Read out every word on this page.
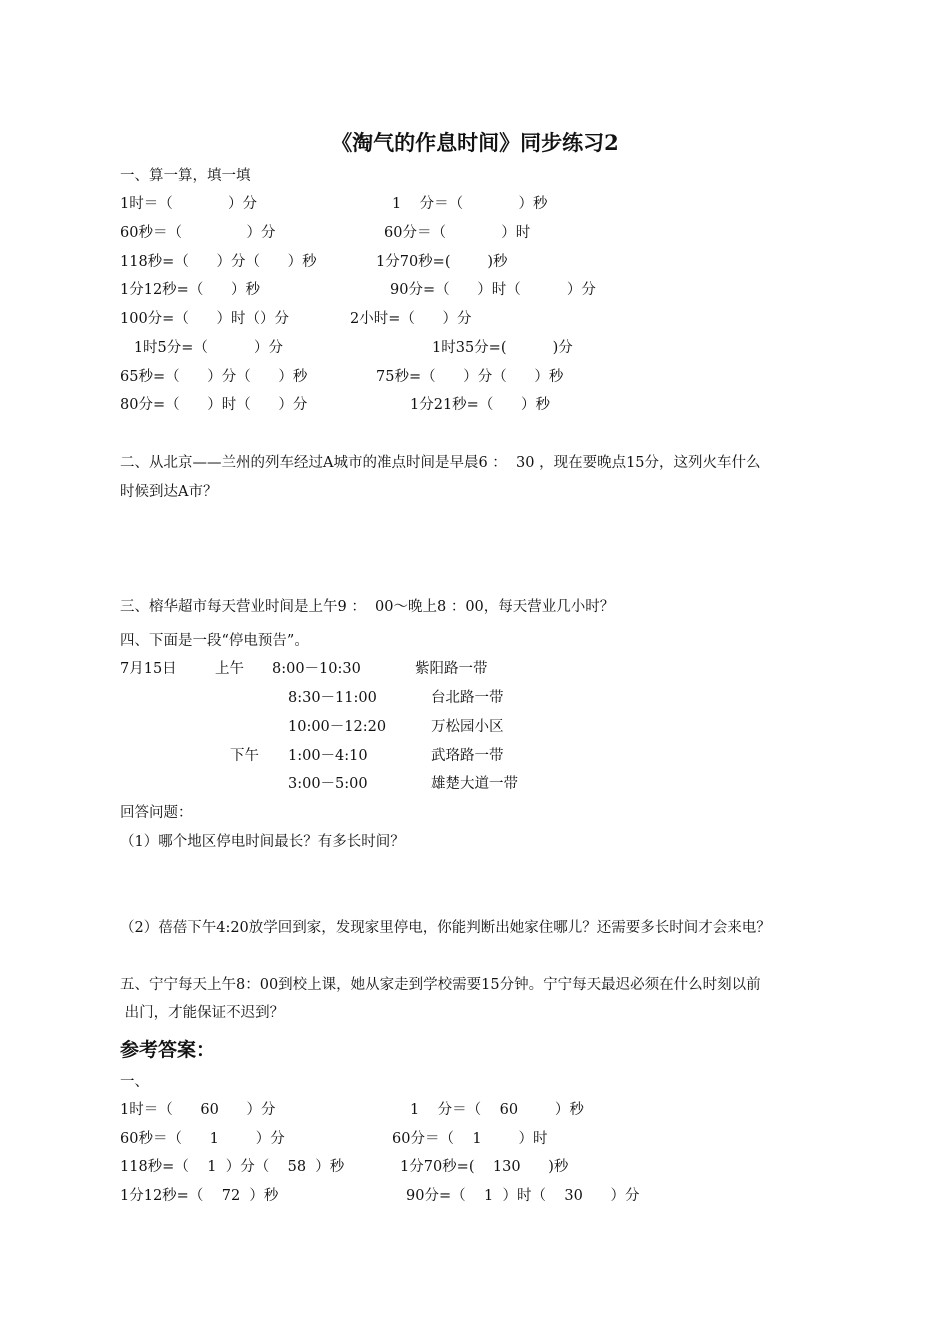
《淘气的作息时间》同步练习2
一、算一算，填一填
1时＝（            ）分	1    分＝（            ）秒
60秒＝（              ）分	60分＝（            ）时
118秒=（      ）分（      ）秒	1分70秒=(        )秒
1分12秒=（      ）秒	90分=（      ）时（          ）分
100分=（      ）时（）分	2小时=（      ）分
1时5分=（          ）分	1时35分=(          )分
65秒=（      ）分（      ）秒	75秒=（      ）分（      ）秒
80分=（      ）时（      ）分	1分21秒=（      ）秒
二、从北京——兰州的列车经过A城市的准点时间是早晨6 ：  30 ，现在要晚点15分，这列火车什么
时候到达A市？
三、榕华超市每天营业时间是上午9 ：  00～晚上8 ：00，每天营业几小时？
四、下面是一段“停电预告”。
7月15日	上午 8:00－10:30	紫阳路一带
8:30－11:00	台北路一带
10:00－12:20	万松园小区
下午 1:00－4:10	武珞路一带
3:00－5:00	雄楚大道一带
回答问题：
（1）哪个地区停电时间最长？有多长时间？
（2）蓓蓓下午4:20放学回到家，发现家里停电，你能判断出她家住哪儿？还需要多长时间才会来电？
五、宁宁每天上午8：00到校上课，她从家走到学校需要15分钟。宁宁每天最迟必须在什么时刻以前
出门，才能保证不迟到？
参考答案：
一、
1时＝（      60      ）分	1    分＝（    60        ）秒
60秒＝（      1        ）分	60分＝（    1        ）时
118秒=（    1  ）分（    58  ）秒	1分70秒=(    130      )秒
1分12秒=（    72  ）秒	90分=（    1  ）时（    30      ）分
